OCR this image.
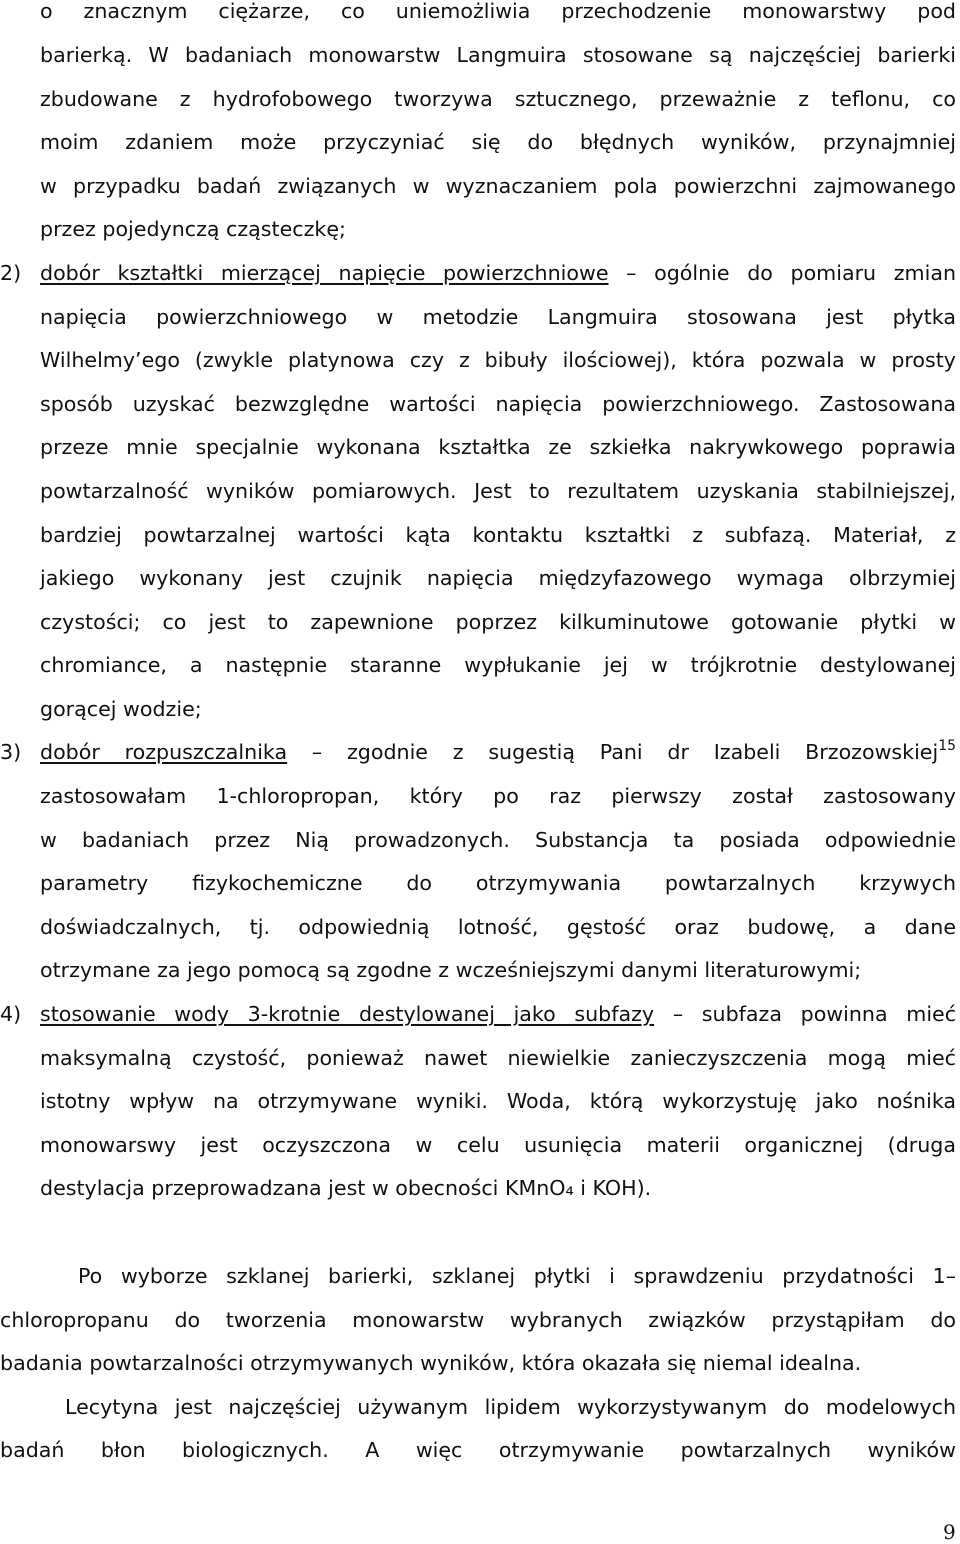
o znacznym ciężarze, co uniemożliwia przechodzenie monowarstwy pod
barierką. W badaniach monowarstw Langmuira stosowane są najczęściej barierki
zbudowane z hydrofobowego tworzywa sztucznego, przeważnie z teflonu, co
moim zdaniem może przyczyniać się do błędnych wyników, przynajmniej
w przypadku badań związanych w wyznaczaniem pola powierzchni zajmowanego
przez pojedynczą cząsteczkę;
2) dobór kształtki mierzącej napięcie powierzchniowe – ogólnie do pomiaru zmian
napięcia powierzchniowego w metodzie Langmuira stosowana jest płytka
Wilhelmy’ego (zwykle platynowa czy z bibuły ilościowej), która pozwala w prosty
sposób uzyskać bezwzględne wartości napięcia powierzchniowego. Zastosowana
przeze mnie specjalnie wykonana kształtka ze szkiełka nakrywkowego poprawia
powtarzalność wyników pomiarowych. Jest to rezultatem uzyskania stabilniejszej,
bardziej powtarzalnej wartości kąta kontaktu kształtki z subfazą. Materiał, z
jakiego wykonany jest czujnik napięcia międzyfazowego wymaga olbrzymiej
czystości; co jest to zapewnione poprzez kilkuminutowe gotowanie płytki w
chromiance, a następnie staranne wypłukanie jej w trójkrotnie destylowanej
gorącej wodzie;
3) dobór rozpuszczalnika – zgodnie z sugestią Pani dr Izabeli Brzozowskiej$^{15}$
zastosowałam 1-chloropropan, który po raz pierwszy został zastosowany
w badaniach przez Nią prowadzonych. Substancja ta posiada odpowiednie
parametry fizykochemiczne do otrzymywania powtarzalnych krzywych
doświadczalnych, tj. odpowiednią lotność, gęstość oraz budowę, a dane
otrzymane za jego pomocą są zgodne z wcześniejszymi danymi literaturowymi;
4) stosowanie wody 3-krotnie destylowanej jako subfazy – subfaza powinna mieć
maksymalną czystość, ponieważ nawet niewielkie zanieczyszczenia mogą mieć
istotny wpływ na otrzymywane wyniki. Woda, którą wykorzystuję jako nośnika
monowarswy jest oczyszczona w celu usunięcia materii organicznej (druga
destylacja przeprowadzana jest w obecności KMnO₄ i KOH).
Po wyborze szklanej barierki, szklanej płytki i sprawdzeniu przydatności 1–
chloropropanu do tworzenia monowarstw wybranych związków przystąpiłam do
badania powtarzalności otrzymywanych wyników, która okazała się niemal idealna.
Lecytyna jest najczęściej używanym lipidem wykorzystywanym do modelowych
badań błon biologicznych. A więc otrzymywanie powtarzalnych wyników
9
